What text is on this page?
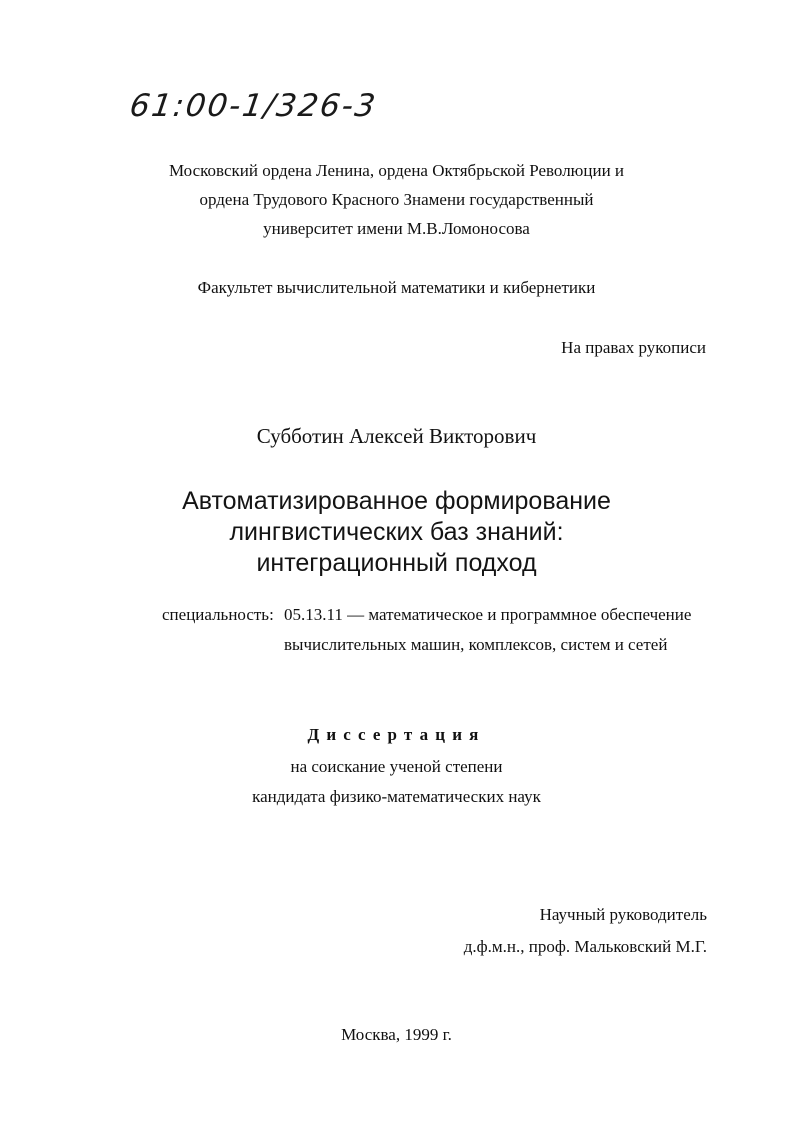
61:00-1/326-3
Московский ордена Ленина, ордена Октябрьской Революции и
ордена Трудового Красного Знамени государственный
университет имени М.В.Ломоносова
Факультет вычислительной математики и кибернетики
На правах рукописи
Субботин Алексей Викторович
Автоматизированное формирование
лингвистических баз знаний:
интеграционный подход
специальность: 05.13.11 — математическое и программное обеспечение
вычислительных машин, комплексов, систем и сетей
Диссертация
на соискание ученой степени
кандидата физико-математических наук
Научный руководитель
д.ф.м.н., проф. Мальковский М.Г.
Москва, 1999 г.
